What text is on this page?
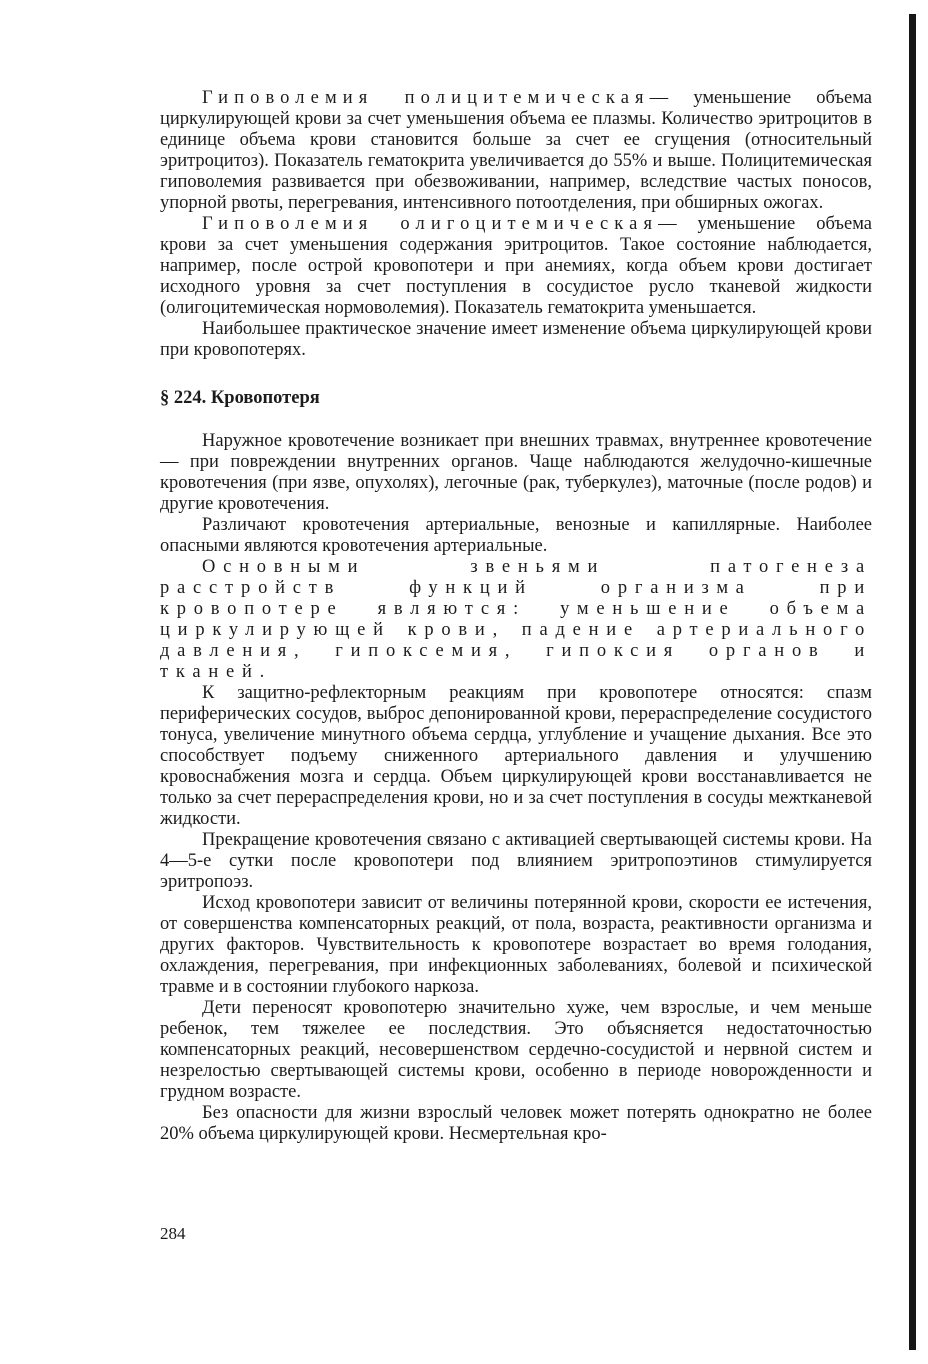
Гиповолемия полицитемическая— уменьшение объема циркулирующей крови за счет уменьшения объема ее плазмы. Количество эритроцитов в единице объема крови становится больше за счет ее сгущения (относительный эритроцитоз). Показатель гематокрита увеличивается до 55% и выше. Полицитемическая гиповолемия развивается при обезвоживании, например, вследствие частых поносов, упорной рвоты, перегревания, интенсивного потоотделения, при обширных ожогах.

Гиповолемия олигоцитемическая— уменьшение объема крови за счет уменьшения содержания эритроцитов. Такое состояние наблюдается, например, после острой кровопотери и при анемиях, когда объем крови достигает исходного уровня за счет поступления в сосудистое русло тканевой жидкости (олигоцитемическая нормоволемия). Показатель гематокрита уменьшается.

Наибольшее практическое значение имеет изменение объема циркулирующей крови при кровопотерях.

§ 224. Кровопотеря

Наружное кровотечение возникает при внешних травмах, внутреннее кровотечение — при повреждении внутренних органов. Чаще наблюдаются желудочно-кишечные кровотечения (при язве, опухолях), легочные (рак, туберкулез), маточные (после родов) и другие кровотечения.

Различают кровотечения артериальные, венозные и капиллярные. Наиболее опасными являются кровотечения артериальные.

Основными звеньями патогенеза расстройств функций организма при кровопотере являются: уменьшение объема циркулирующей крови, падение артериального давления, гипоксемия, гипоксия органов и тканей.

К защитно-рефлекторным реакциям при кровопотере относятся: спазм периферических сосудов, выброс депонированной крови, перераспределение сосудистого тонуса, увеличение минутного объема сердца, углубление и учащение дыхания. Все это способствует подъему сниженного артериального давления и улучшению кровоснабжения мозга и сердца. Объем циркулирующей крови восстанавливается не только за счет перераспределения крови, но и за счет поступления в сосуды межтканевой жидкости.

Прекращение кровотечения связано с активацией свертывающей системы крови. На 4—5-е сутки после кровопотери под влиянием эритропоэтинов стимулируется эритропоэз.

Исход кровопотери зависит от величины потерянной крови, скорости ее истечения, от совершенства компенсаторных реакций, от пола, возраста, реактивности организма и других факторов. Чувствительность к кровопотере возрастает во время голодания, охлаждения, перегревания, при инфекционных заболеваниях, болевой и психической травме и в состоянии глубокого наркоза.

Дети переносят кровопотерю значительно хуже, чем взрослые, и чем меньше ребенок, тем тяжелее ее последствия. Это объясняется недостаточностью компенсаторных реакций, несовершенством сердечно-сосудистой и нервной систем и незрелостью свертывающей системы крови, особенно в периоде новорожденности и грудном возрасте.

Без опасности для жизни взрослый человек может потерять однократно не более 20% объема циркулирующей крови. Несмертельная кро-

284
